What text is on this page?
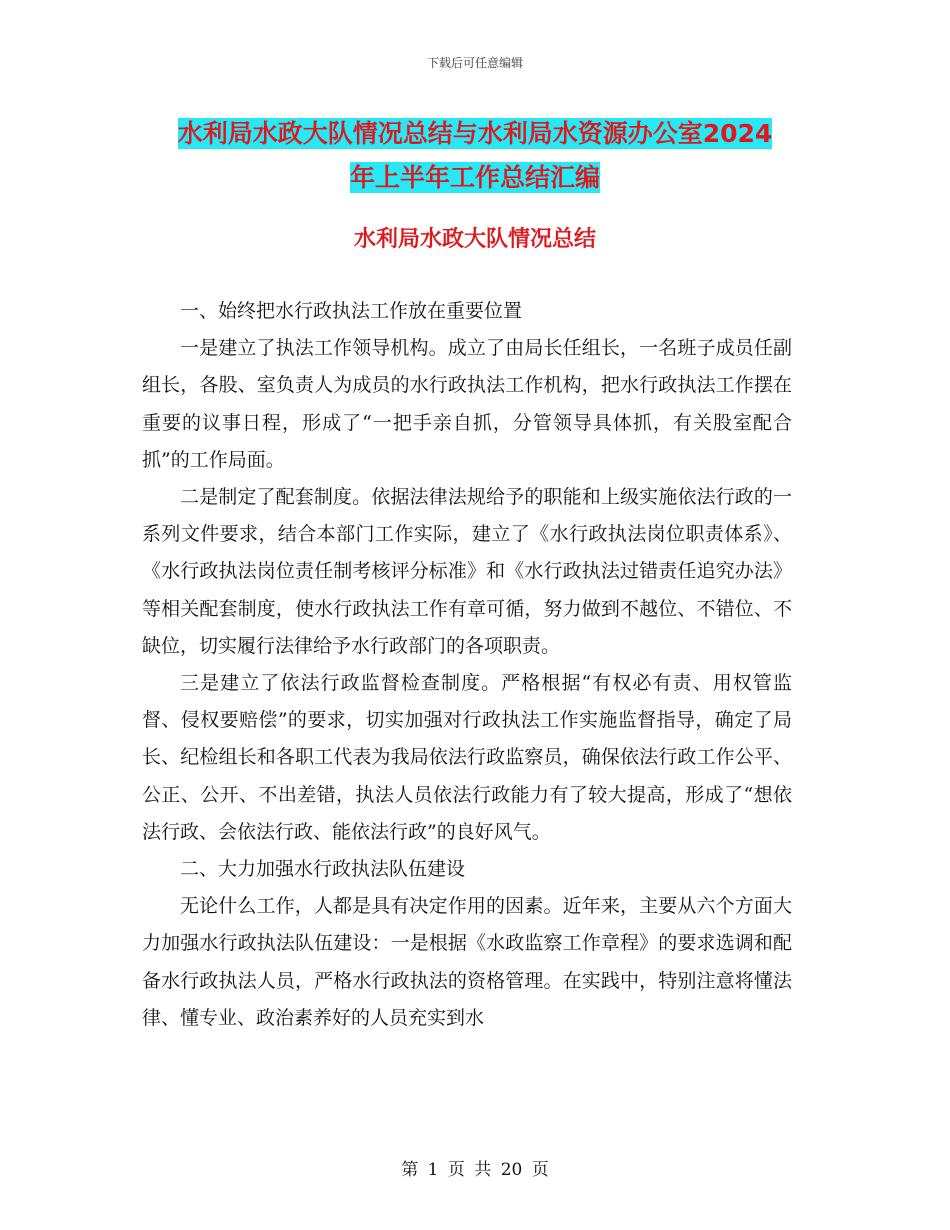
下载后可任意编辑
水利局水政大队情况总结与水利局水资源办公室2024
年上半年工作总结汇编
水利局水政大队情况总结

一、始终把水行政执法工作放在重要位置

一是建立了执法工作领导机构。成立了由局长任组长，一名班子成员任副组长，各股、室负责人为成员的水行政执法工作机构，把水行政执法工作摆在重要的议事日程，形成了“一把手亲自抓，分管领导具体抓，有关股室配合抓”的工作局面。

二是制定了配套制度。依据法律法规给予的职能和上级实施依法行政的一系列文件要求，结合本部门工作实际，建立了《水行政执法岗位职责体系》、《水行政执法岗位责任制考核评分标准》和《水行政执法过错责任追究办法》等相关配套制度，使水行政执法工作有章可循，努力做到不越位、不错位、不缺位，切实履行法律给予水行政部门的各项职责。

三是建立了依法行政监督检查制度。严格根据“有权必有责、用权管监督、侵权要赔偿”的要求，切实加强对行政执法工作实施监督指导，确定了局长、纪检组长和各职工代表为我局依法行政监察员，确保依法行政工作公平、公正、公开、不出差错，执法人员依法行政能力有了较大提高，形成了“想依法行政、会依法行政、能依法行政”的良好风气。

二、大力加强水行政执法队伍建设

无论什么工作，人都是具有决定作用的因素。近年来，主要从六个方面大力加强水行政执法队伍建设：一是根据《水政监察工作章程》的要求选调和配备水行政执法人员，严格水行政执法的资格管理。在实践中，特别注意将懂法律、懂专业、政治素养好的人员充实到水

第 1 页 共 20 页
